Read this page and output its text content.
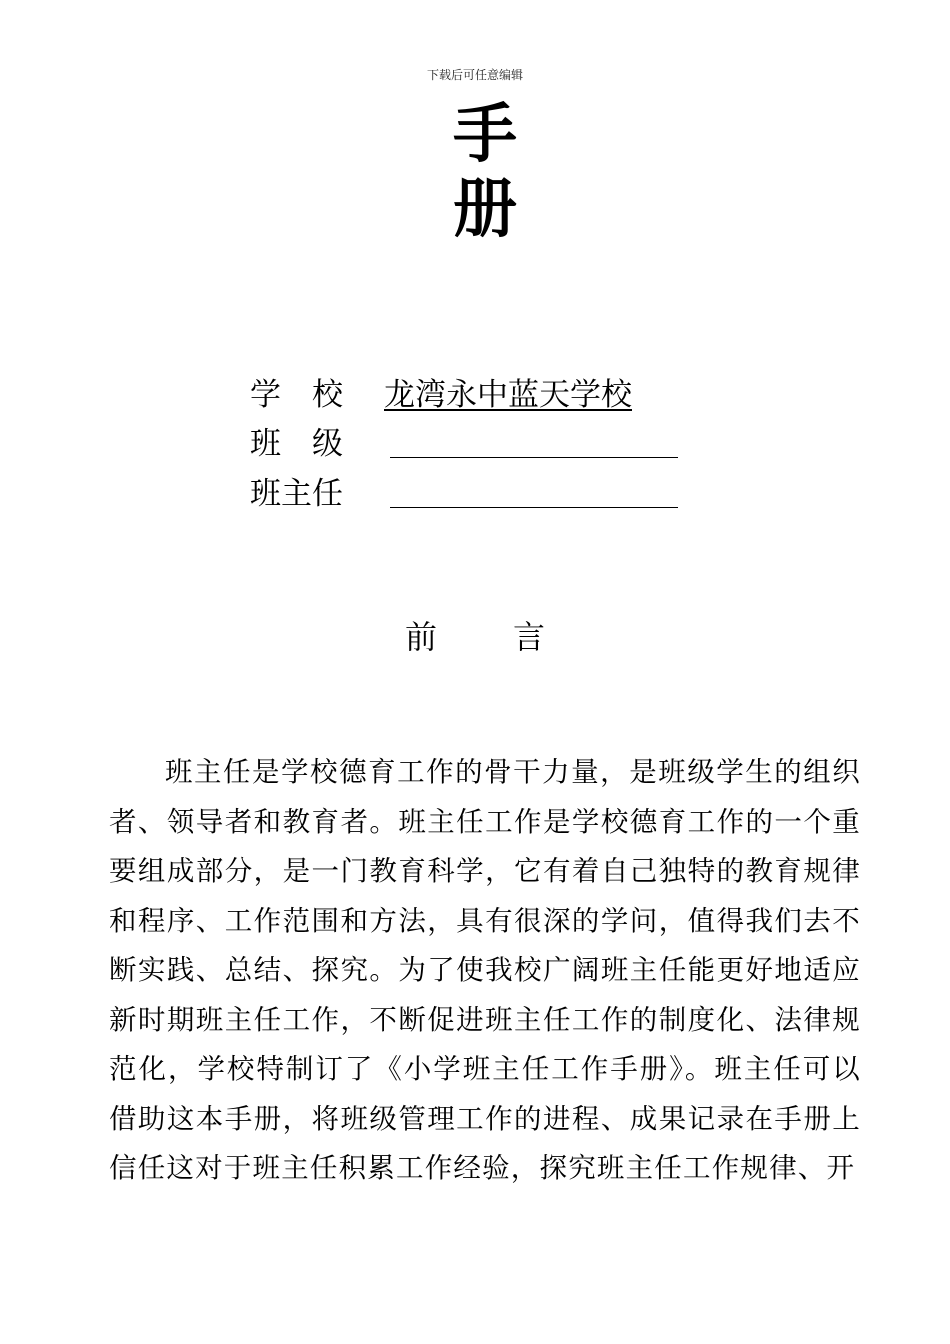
下载后可任意编辑
手
册
学　校 龙湾永中蓝天学校
班　级
班主任
前 言

班主任是学校德育工作的骨干力量，是班级学生的组织者、领导者和教育者。班主任工作是学校德育工作的一个重要组成部分，是一门教育科学，它有着自己独特的教育规律和程序、工作范围和方法，具有很深的学问，值得我们去不断实践、总结、探究。为了使我校广阔班主任能更好地适应新时期班主任工作，不断促进班主任工作的制度化、法律规范化，学校特制订了《小学班主任工作手册》。班主任可以借助这本手册，将班级管理工作的进程、成果记录在手册上信任这对于班主任积累工作经验，探究班主任工作规律、开
